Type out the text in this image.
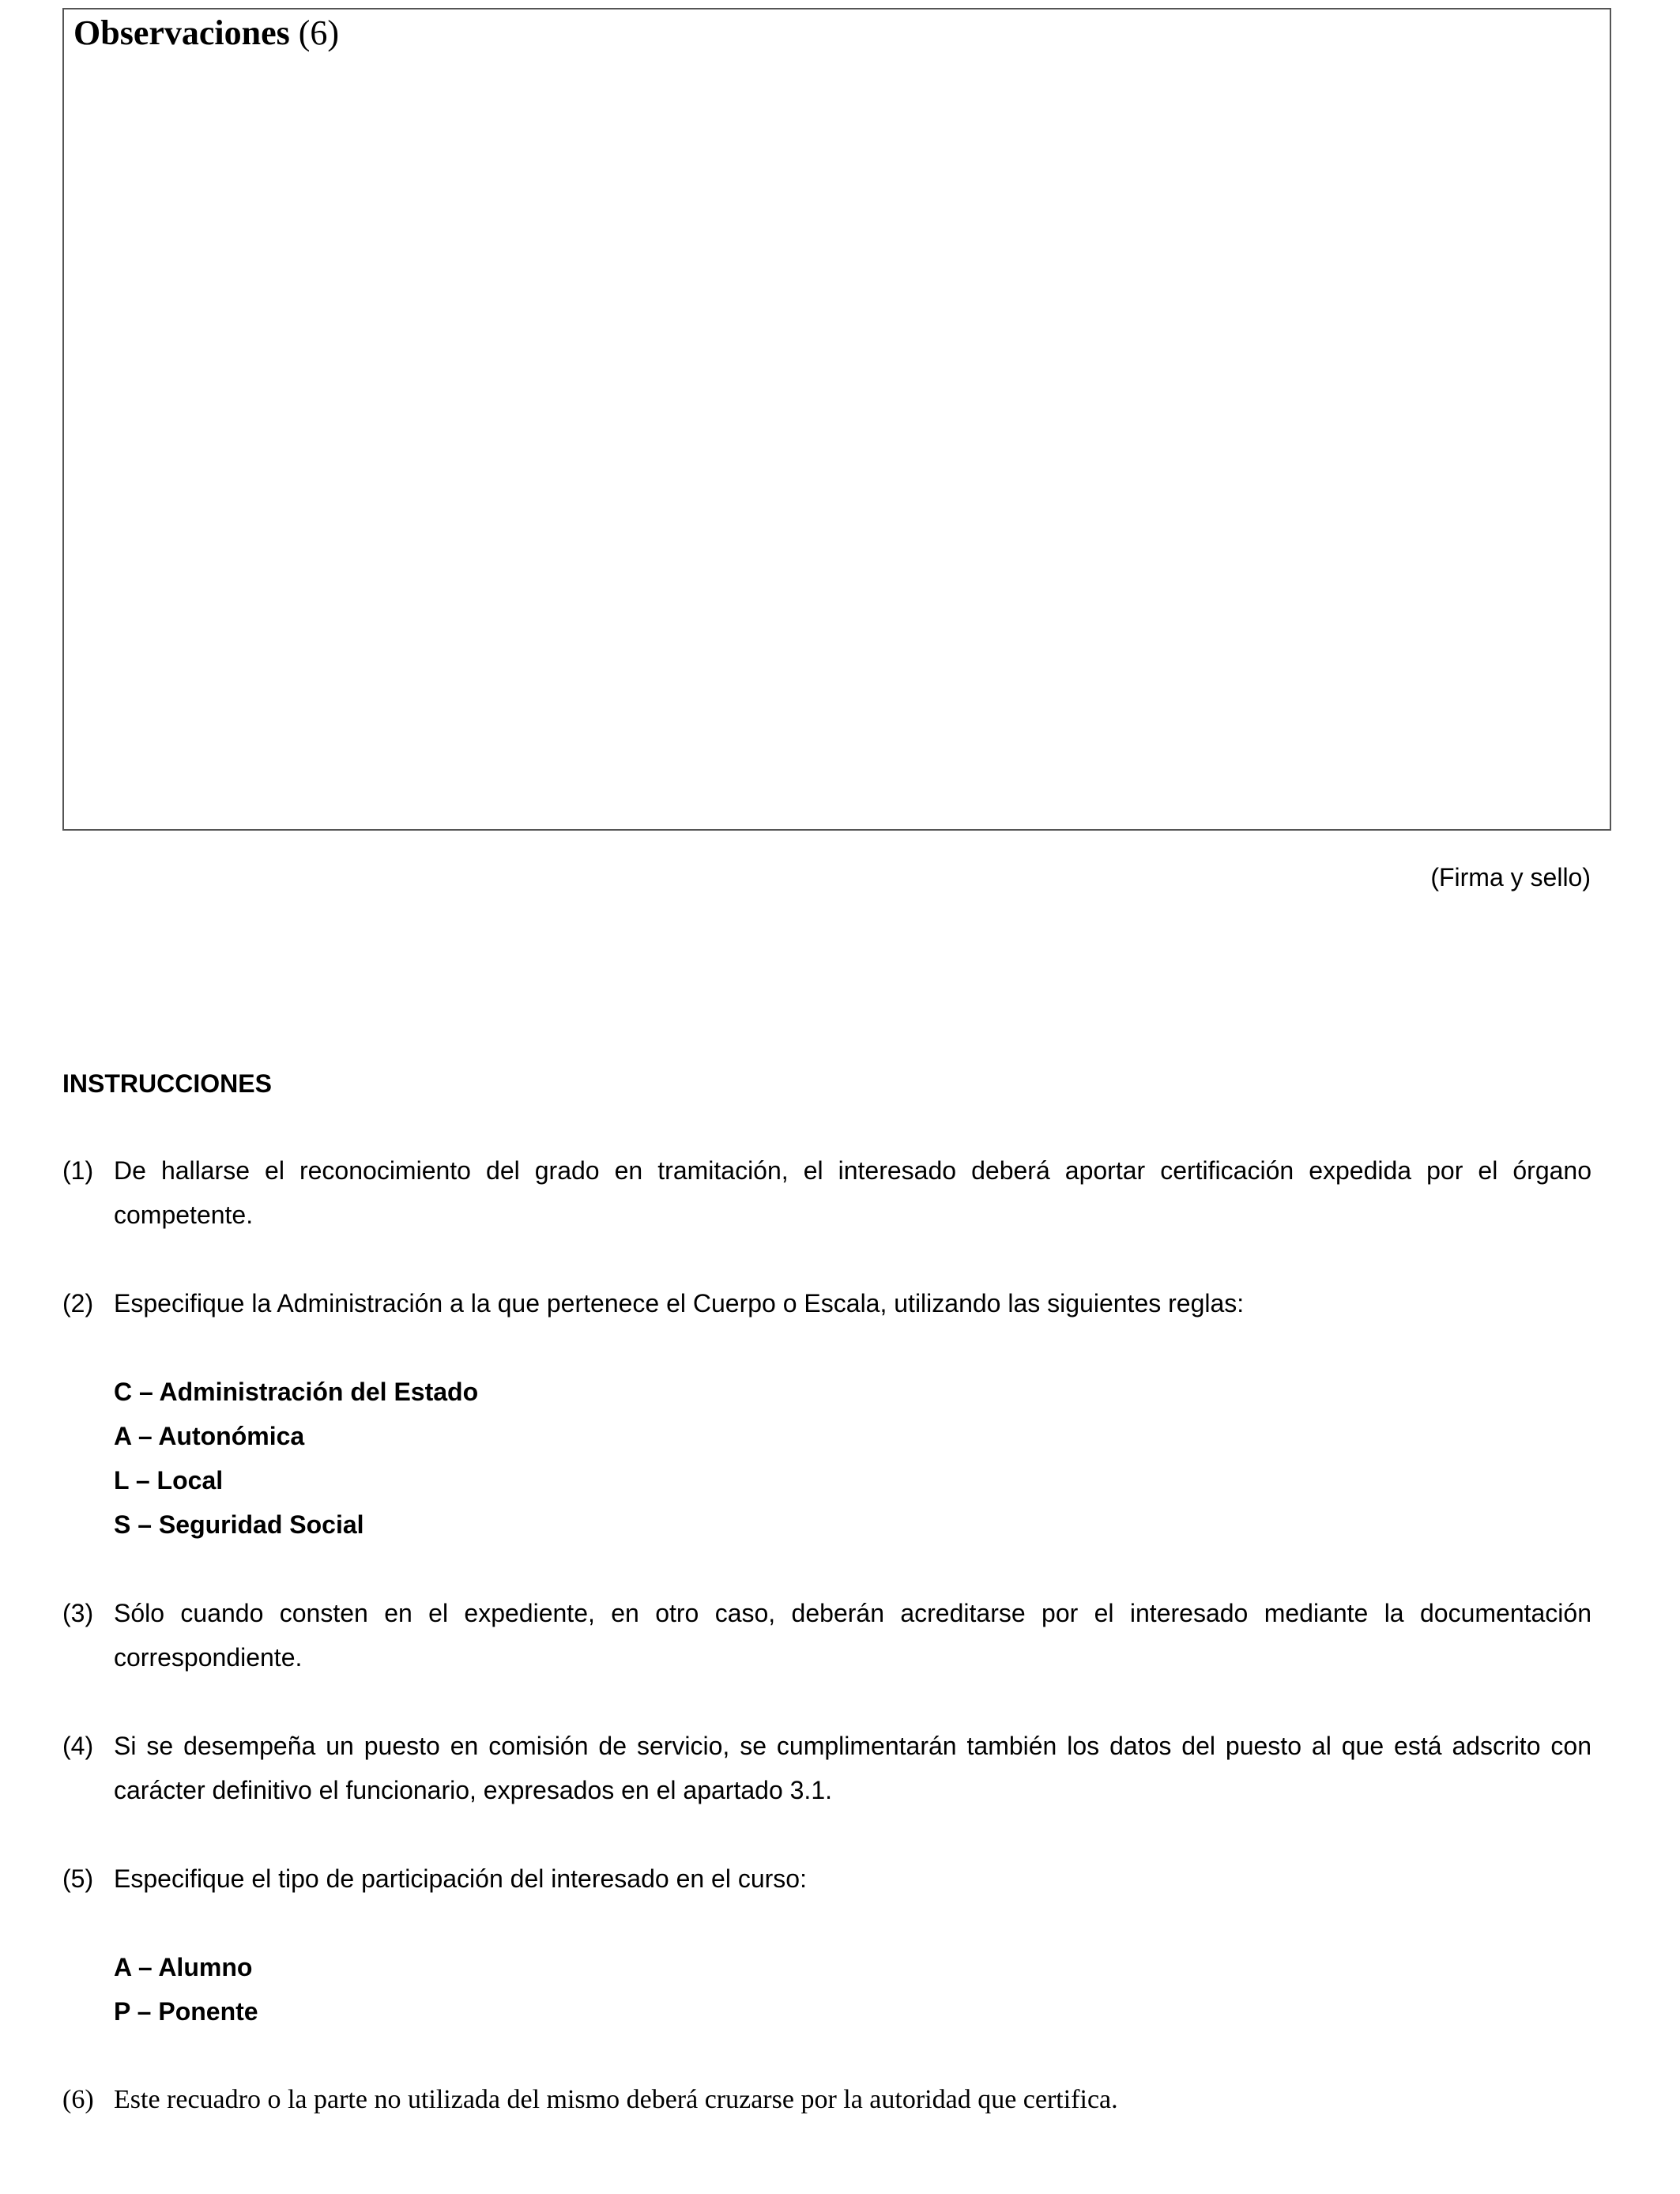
Observaciones (6)
(Firma y sello)
INSTRUCCIONES
(1) De hallarse el reconocimiento del grado en tramitación, el interesado deberá aportar certificación expedida por el órgano competente.
(2) Especifique la Administración a la que pertenece el Cuerpo o Escala, utilizando las siguientes reglas:
C – Administración del Estado
A – Autonómica
L – Local
S – Seguridad Social
(3) Sólo cuando consten en el expediente, en otro caso, deberán acreditarse por el interesado mediante la documentación correspondiente.
(4) Si se desempeña un puesto en comisión de servicio, se cumplimentarán también los datos del puesto al que está adscrito con carácter definitivo el funcionario, expresados en el apartado 3.1.
(5) Especifique el tipo de participación del interesado en el curso:
A – Alumno
P – Ponente
(6) Este recuadro o la parte no utilizada del mismo deberá cruzarse por la autoridad que certifica.
